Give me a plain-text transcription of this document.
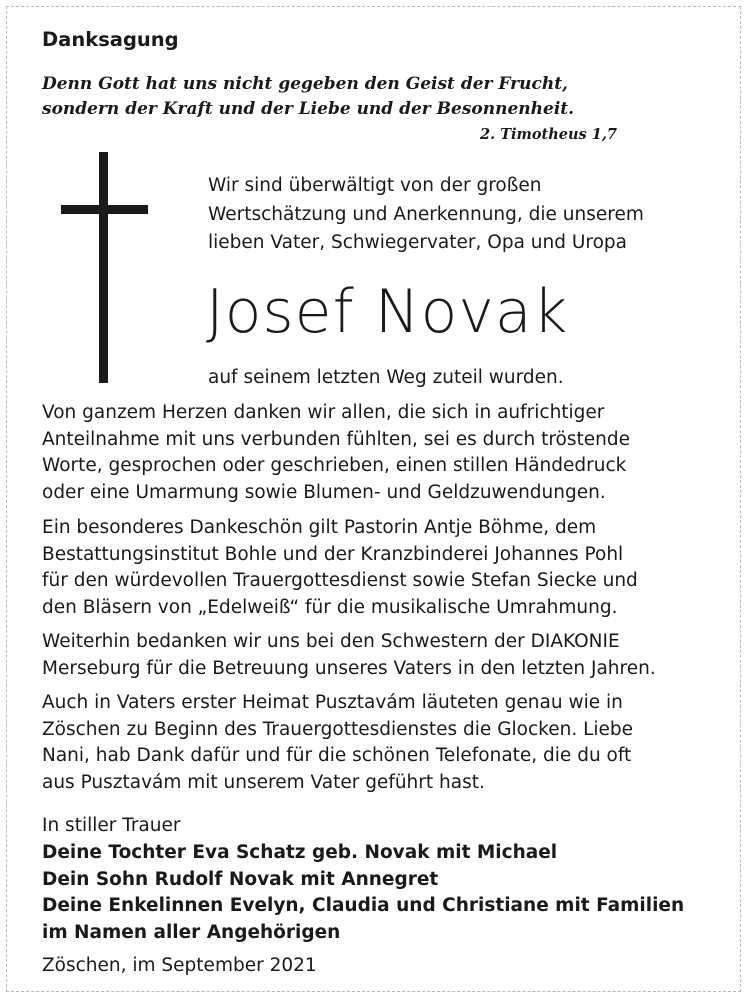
Danksagung
Denn Gott hat uns nicht gegeben den Geist der Frucht,
sondern der Kraft und der Liebe und der Besonnenheit.
2. Timotheus 1,7
Wir sind überwältigt von der großen
Wertschätzung und Anerkennung, die unserem
lieben Vater, Schwiegervater, Opa und Uropa
Josef Novak
auf seinem letzten Weg zuteil wurden.
Von ganzem Herzen danken wir allen, die sich in aufrichtiger
Anteilnahme mit uns verbunden fühlten, sei es durch tröstende
Worte, gesprochen oder geschrieben, einen stillen Händedruck
oder eine Umarmung sowie Blumen- und Geldzuwendungen.
Ein besonderes Dankeschön gilt Pastorin Antje Böhme, dem
Bestattungsinstitut Bohle und der Kranzbinderei Johannes Pohl
für den würdevollen Trauergottesdienst sowie Stefan Siecke und
den Bläsern von „Edelweiß“ für die musikalische Umrahmung.
Weiterhin bedanken wir uns bei den Schwestern der DIAKONIE
Merseburg für die Betreuung unseres Vaters in den letzten Jahren.
Auch in Vaters erster Heimat Pusztavám läuteten genau wie in
Zöschen zu Beginn des Trauergottesdienstes die Glocken. Liebe
Nani, hab Dank dafür und für die schönen Telefonate, die du oft
aus Pusztavám mit unserem Vater geführt hast.
In stiller Trauer
Deine Tochter Eva Schatz geb. Novak mit Michael
Dein Sohn Rudolf Novak mit Annegret
Deine Enkelinnen Evelyn, Claudia und Christiane mit Familien
im Namen aller Angehörigen
Zöschen, im September 2021
